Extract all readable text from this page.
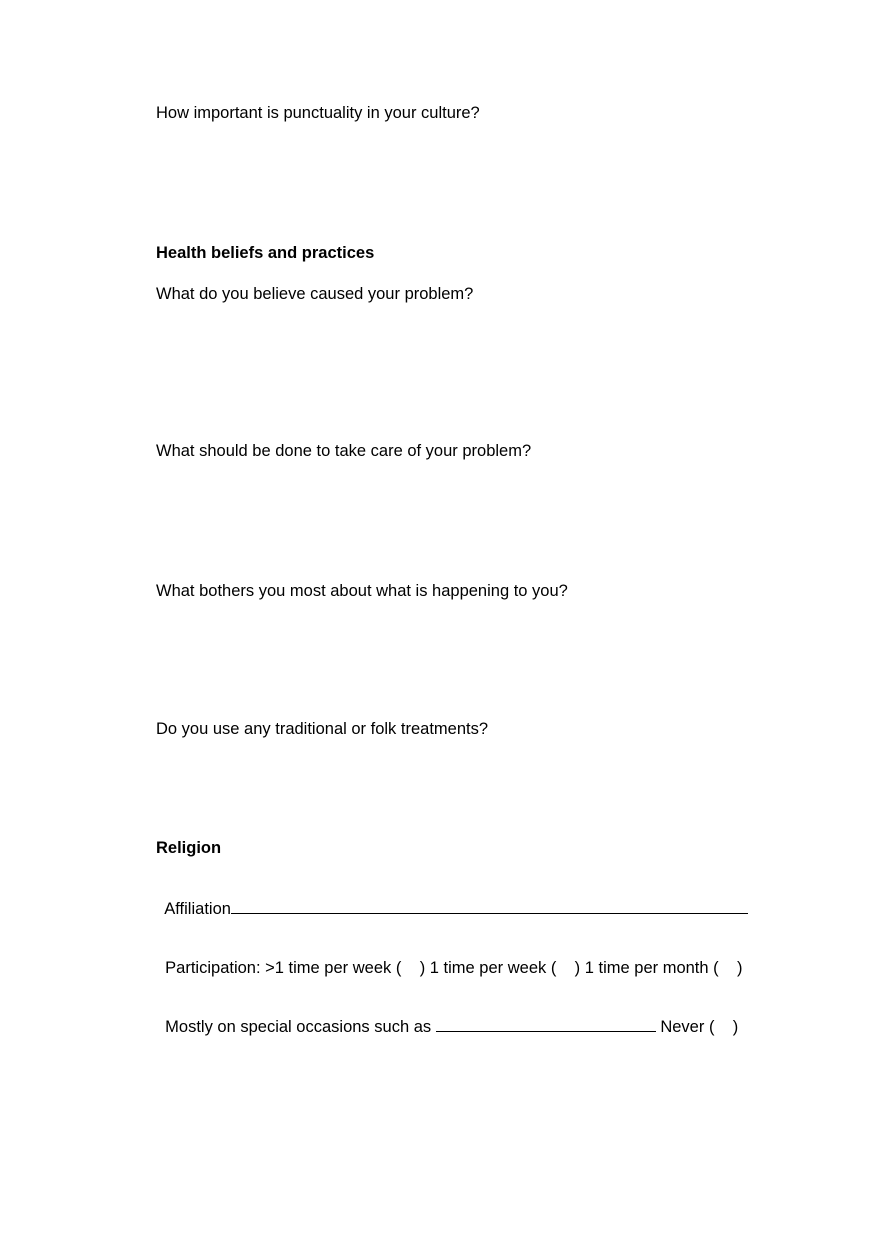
How important is punctuality in your culture?
Health beliefs and practices
What do you believe caused your problem?
What should be done to take care of your problem?
What bothers you most about what is happening to you?
Do you use any traditional or folk treatments?
Religion

Affiliation

Participation: >1 time per week (    ) 1 time per week (    ) 1 time per month (    )

Mostly on special occasions such as	Never (    )
